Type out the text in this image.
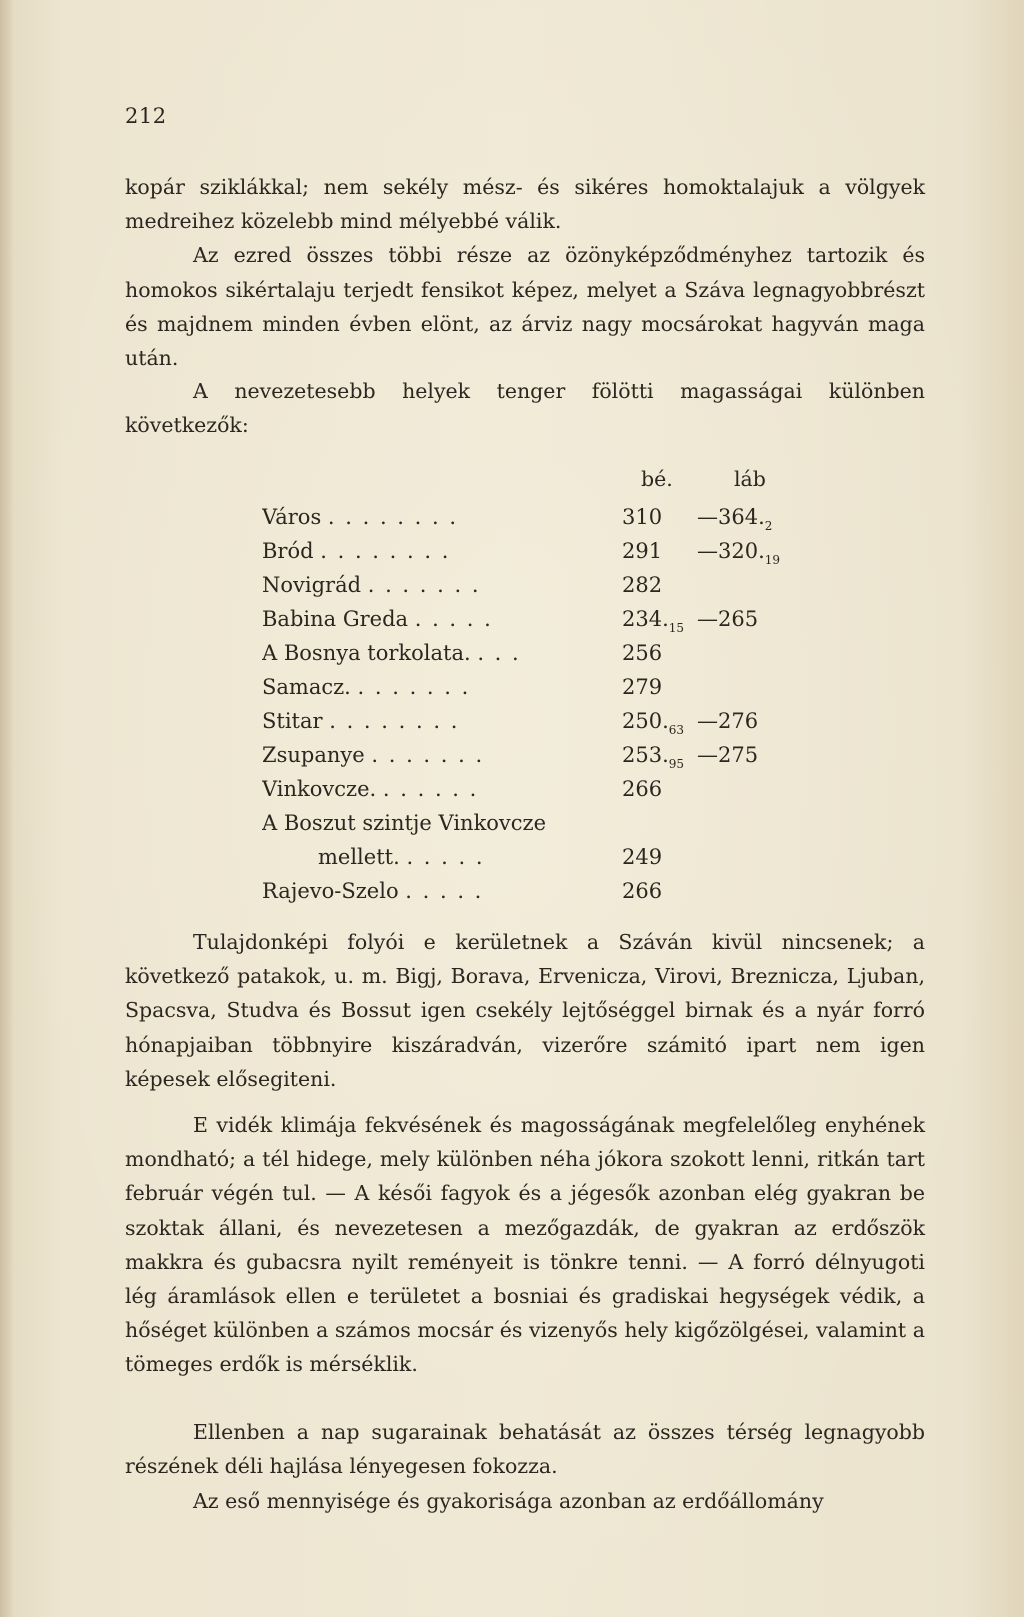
212

kopár sziklákkal; nem sekély mész- és sikéres homoktalajuk a völgyek medreihez közelebb mind mélyebbé válik.

Az ezred összes többi része az özönyképződményhez tartozik és homokos sikértalaju terjedt fensikot képez, melyet a Száva legnagyobbrészt és majdnem minden évben elönt, az árviz nagy mocsárokat hagyván maga után.

A nevezetesebb helyek tenger fölötti magasságai különben következők:

bé.	láb
Város . . . . . . . .	310 $—364._2$
Bród . . . . . . . .	291 $—320._{19}$
Novigrád . . . . . . .	282
Babina Greda . . . . .	$234._{15}$ —265
A Bosnya torkolata. . . .	256
Samacz. . . . . . . .	279
Stitar . . . . . . . .	$250._{63}$ —276
Zsupanye . . . . . . .	$253._{95}$ —275
Vinkovcze. . . . . . .	266
A Boszut szintje Vinkovcze
mellett. . . . . .	249
Rajevo-Szelo . . . . .	266

Tulajdonképi folyói e kerületnek a Száván kivül nincsenek; a következő patakok, u. m. Bigj, Borava, Ervenicza, Virovi, Breznicza, Ljuban, Spacsva, Studva és Bossut igen csekély lejtőséggel birnak és a nyár forró hónapjaiban többnyire kiszáradván, vizerőre számitó ipart nem igen képesek elősegiteni.

E vidék klimája fekvésének és magosságának megfelelőleg enyhének mondható; a tél hidege, mely különben néha jókora szokott lenni, ritkán tart február végén tul. — A késői fagyok és a jégesők azonban elég gyakran be szoktak állani, és nevezetesen a mezőgazdák, de gyakran az erdőszök makkra és gubacsra nyilt reményeit is tönkre tenni. — A forró délnyugoti lég áramlások ellen e területet a bosniai és gradiskai hegységek védik, a hőséget különben a számos mocsár és vizenyős hely kigőzölgései, valamint a tömeges erdők is mérséklik.

Ellenben a nap sugarainak behatását az összes térség legnagyobb részének déli hajlása lényegesen fokozza.

Az eső mennyisége és gyakorisága azonban az erdőállomány
